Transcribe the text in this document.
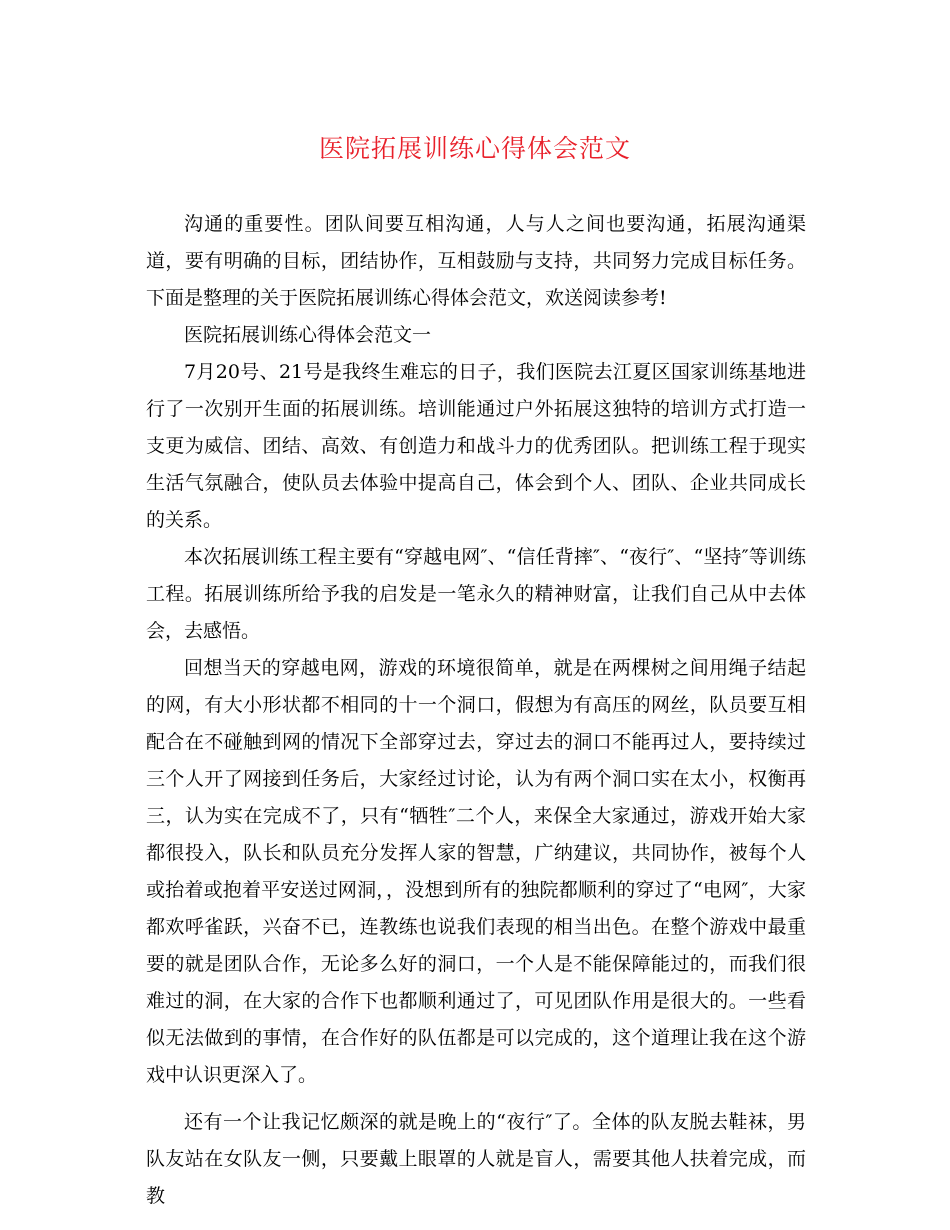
医院拓展训练心得体会范文

沟通的重要性。团队间要互相沟通，人与人之间也要沟通，拓展沟通渠道，要有明确的目标，团结协作，互相鼓励与支持，共同努力完成目标任务。下面是整理的关于医院拓展训练心得体会范文，欢送阅读参考!

医院拓展训练心得体会范文一

7月20号、21号是我终生难忘的日子，我们医院去江夏区国家训练基地进行了一次别开生面的拓展训练。培训能通过户外拓展这独特的培训方式打造一支更为威信、团结、高效、有创造力和战斗力的优秀团队。把训练工程于现实生活气氛融合，使队员去体验中提高自己，体会到个人、团队、企业共同成长的关系。

本次拓展训练工程主要有“穿越电网″、“信任背摔″、“夜行″、“坚持″等训练工程。拓展训练所给予我的启发是一笔永久的精神财富，让我们自己从中去体会，去感悟。

回想当天的穿越电网，游戏的环境很简单，就是在两棵树之间用绳子结起的网，有大小形状都不相同的十一个洞口，假想为有高压的网丝，队员要互相配合在不碰触到网的情况下全部穿过去，穿过去的洞口不能再过人，要持续过三个人开了网接到任务后，大家经过讨论，认为有两个洞口实在太小，权衡再三，认为实在完成不了，只有“牺牲″二个人，来保全大家通过，游戏开始大家都很投入，队长和队员充分发挥人家的智慧，广纳建议，共同协作，被每个人或抬着或抱着平安送过网洞，，没想到所有的独院都顺利的穿过了“电网″，大家都欢呼雀跃，兴奋不已，连教练也说我们表现的相当出色。在整个游戏中最重要的就是团队合作，无论多么好的洞口，一个人是不能保障能过的，而我们很难过的洞，在大家的合作下也都顺利通过了，可见团队作用是很大的。一些看似无法做到的事情，在合作好的队伍都是可以完成的，这个道理让我在这个游戏中认识更深入了。

还有一个让我记忆颇深的就是晚上的“夜行″了。全体的队友脱去鞋袜，男队友站在女队友一侧，只要戴上眼罩的人就是盲人，需要其他人扶着完成，而教
